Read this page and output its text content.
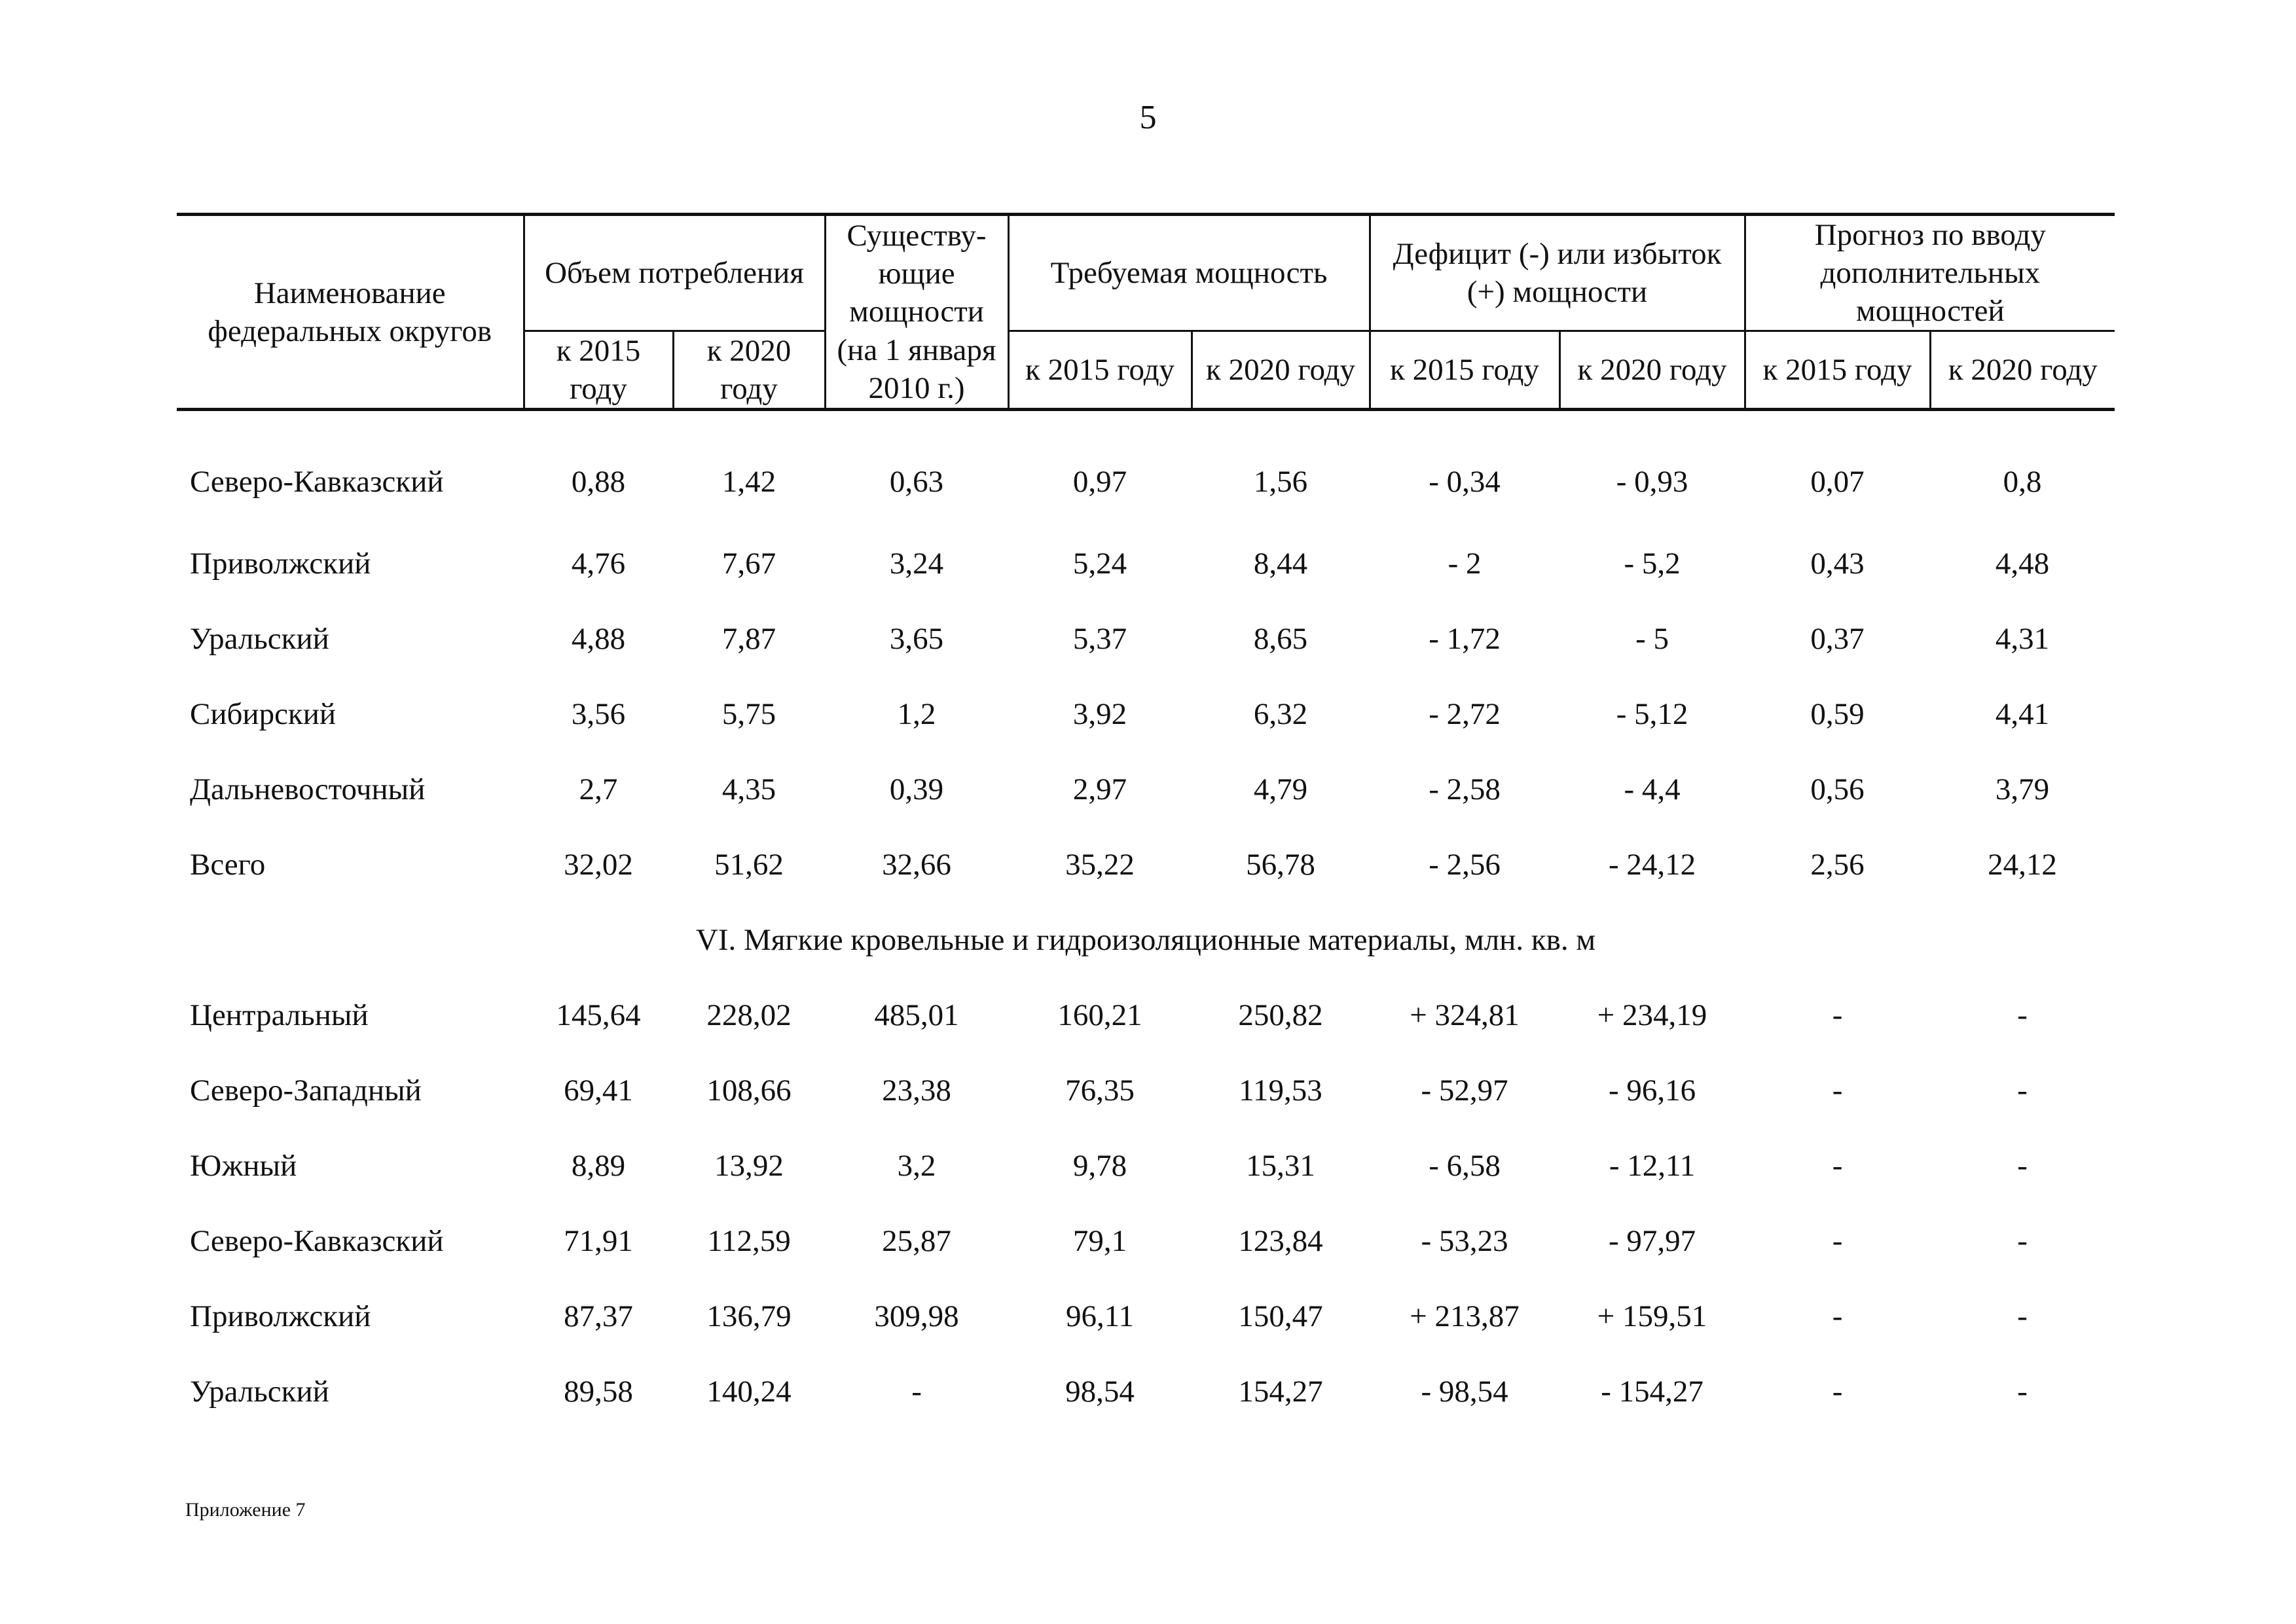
5
Наименование федеральных округов	Объем потребления		Существу-ющие мощности	Требуемая мощность		Дефицит (-) или избыток (+) мощности		Прогноз по вводу дополнительных мощностей	
	к 2015 году	к 2020 году	(на 1 января 2010 г.)	к 2015 году	к 2020 году	к 2015 году	к 2020 году	к 2015 году	к 2020 году
Северо-Кавказский	0,88	1,42	0,63	0,97	1,56	- 0,34	- 0,93	0,07	0,8
Приволжский	4,76	7,67	3,24	5,24	8,44	- 2	- 5,2	0,43	4,48
Уральский	4,88	7,87	3,65	5,37	8,65	- 1,72	- 5	0,37	4,31
Сибирский	3,56	5,75	1,2	3,92	6,32	- 2,72	- 5,12	0,59	4,41
Дальневосточный	2,7	4,35	0,39	2,97	4,79	- 2,58	- 4,4	0,56	3,79
Всего	32,02	51,62	32,66	35,22	56,78	- 2,56	- 24,12	2,56	24,12
VI. Мягкие кровельные и гидроизоляционные материалы, млн. кв. м									
Центральный	145,64	228,02	485,01	160,21	250,82	+ 324,81	+ 234,19	-	-
Северо-Западный	69,41	108,66	23,38	76,35	119,53	- 52,97	- 96,16	-	-
Южный	8,89	13,92	3,2	9,78	15,31	- 6,58	- 12,11	-	-
Северо-Кавказский	71,91	112,59	25,87	79,1	123,84	- 53,23	- 97,97	-	-
Приволжский	87,37	136,79	309,98	96,11	150,47	+ 213,87	+ 159,51	-	-
Уральский	89,58	140,24	-	98,54	154,27	- 98,54	- 154,27	-	-
Приложение 7
